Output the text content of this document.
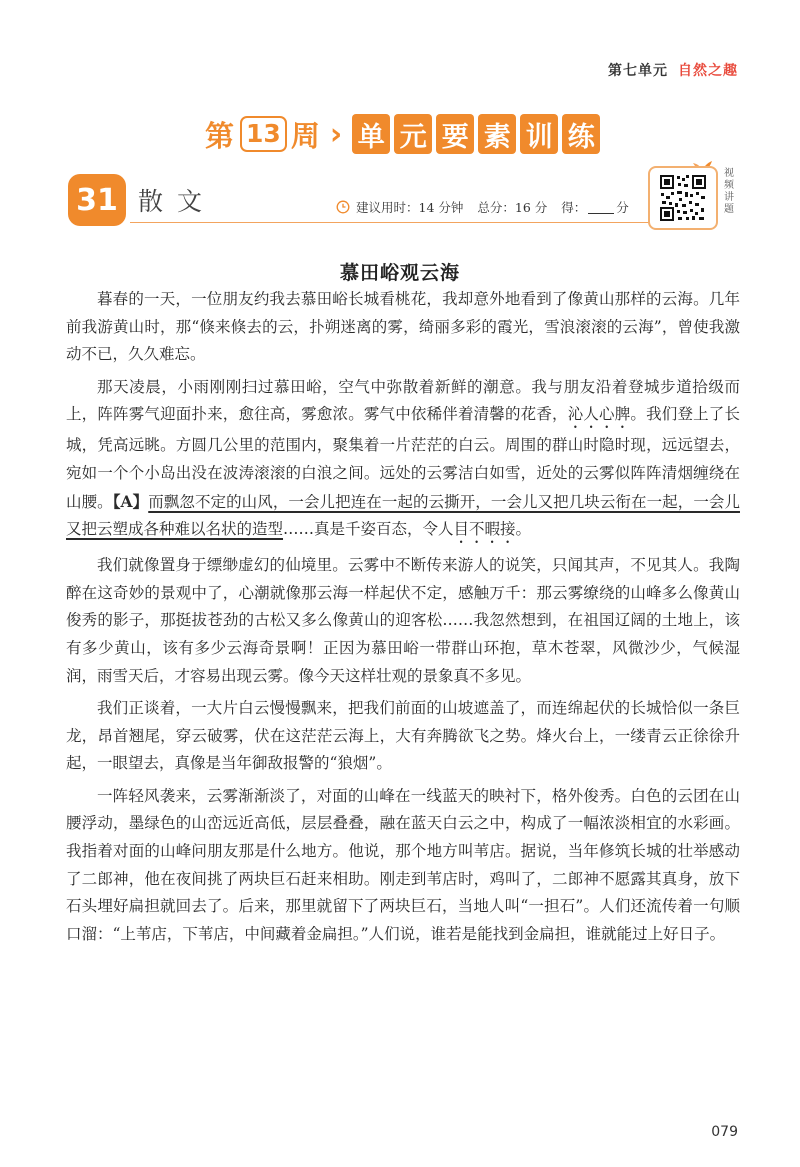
第七单元 自然之趣
第 13 周 › 单 元 要 素 训 练
31 散文	建议用时：14 分钟 总分：16 分 得： 分
视频讲题
慕田峪观云海

暮春的一天，一位朋友约我去慕田峪长城看桃花，我却意外地看到了像黄山那样的云海。几年前我游黄山时，那“倏来倏去的云，扑朔迷离的雾，绮丽多彩的霞光，雪浪滚滚的云海”，曾使我激动不已，久久难忘。

那天凌晨，小雨刚刚扫过慕田峪，空气中弥散着新鲜的潮意。我与朋友沿着登城步道拾级而上，阵阵雾气迎面扑来，愈往高，雾愈浓。雾气中依稀伴着清馨的花香，沁人心脾。我们登上了长城，凭高远眺。方圆几公里的范围内，聚集着一片茫茫的白云。周围的群山时隐时现，远远望去，宛如一个个小岛出没在波涛滚滚的白浪之间。远处的云雾洁白如雪，近处的云雾似阵阵清烟缠绕在山腰。【A】而飘忽不定的山风，一会儿把连在一起的云撕开，一会儿又把几块云衔在一起，一会儿又把云塑成各种难以名状的造型……真是千姿百态，令人目不暇接。

我们就像置身于缥缈虚幻的仙境里。云雾中不断传来游人的说笑，只闻其声，不见其人。我陶醉在这奇妙的景观中了，心潮就像那云海一样起伏不定，感触万千：那云雾缭绕的山峰多么像黄山俊秀的影子，那挺拔苍劲的古松又多么像黄山的迎客松……我忽然想到，在祖国辽阔的土地上，该有多少黄山，该有多少云海奇景啊！正因为慕田峪一带群山环抱，草木苍翠，风微沙少，气候湿润，雨雪天后，才容易出现云雾。像今天这样壮观的景象真不多见。

我们正谈着，一大片白云慢慢飘来，把我们前面的山坡遮盖了，而连绵起伏的长城恰似一条巨龙，昂首翘尾，穿云破雾，伏在这茫茫云海上，大有奔腾欲飞之势。烽火台上，一缕青云正徐徐升起，一眼望去，真像是当年御敌报警的“狼烟”。

一阵轻风袭来，云雾渐渐淡了，对面的山峰在一线蓝天的映衬下，格外俊秀。白色的云团在山腰浮动，墨绿色的山峦远近高低，层层叠叠，融在蓝天白云之中，构成了一幅浓淡相宜的水彩画。我指着对面的山峰问朋友那是什么地方。他说，那个地方叫苇店。据说，当年修筑长城的壮举感动了二郎神，他在夜间挑了两块巨石赶来相助。刚走到苇店时，鸡叫了，二郎神不愿露其真身，放下石头埋好扁担就回去了。后来，那里就留下了两块巨石，当地人叫“一担石”。人们还流传着一句顺口溜：“上苇店，下苇店，中间藏着金扁担。”人们说，谁若是能找到金扁担，谁就能过上好日子。

079
